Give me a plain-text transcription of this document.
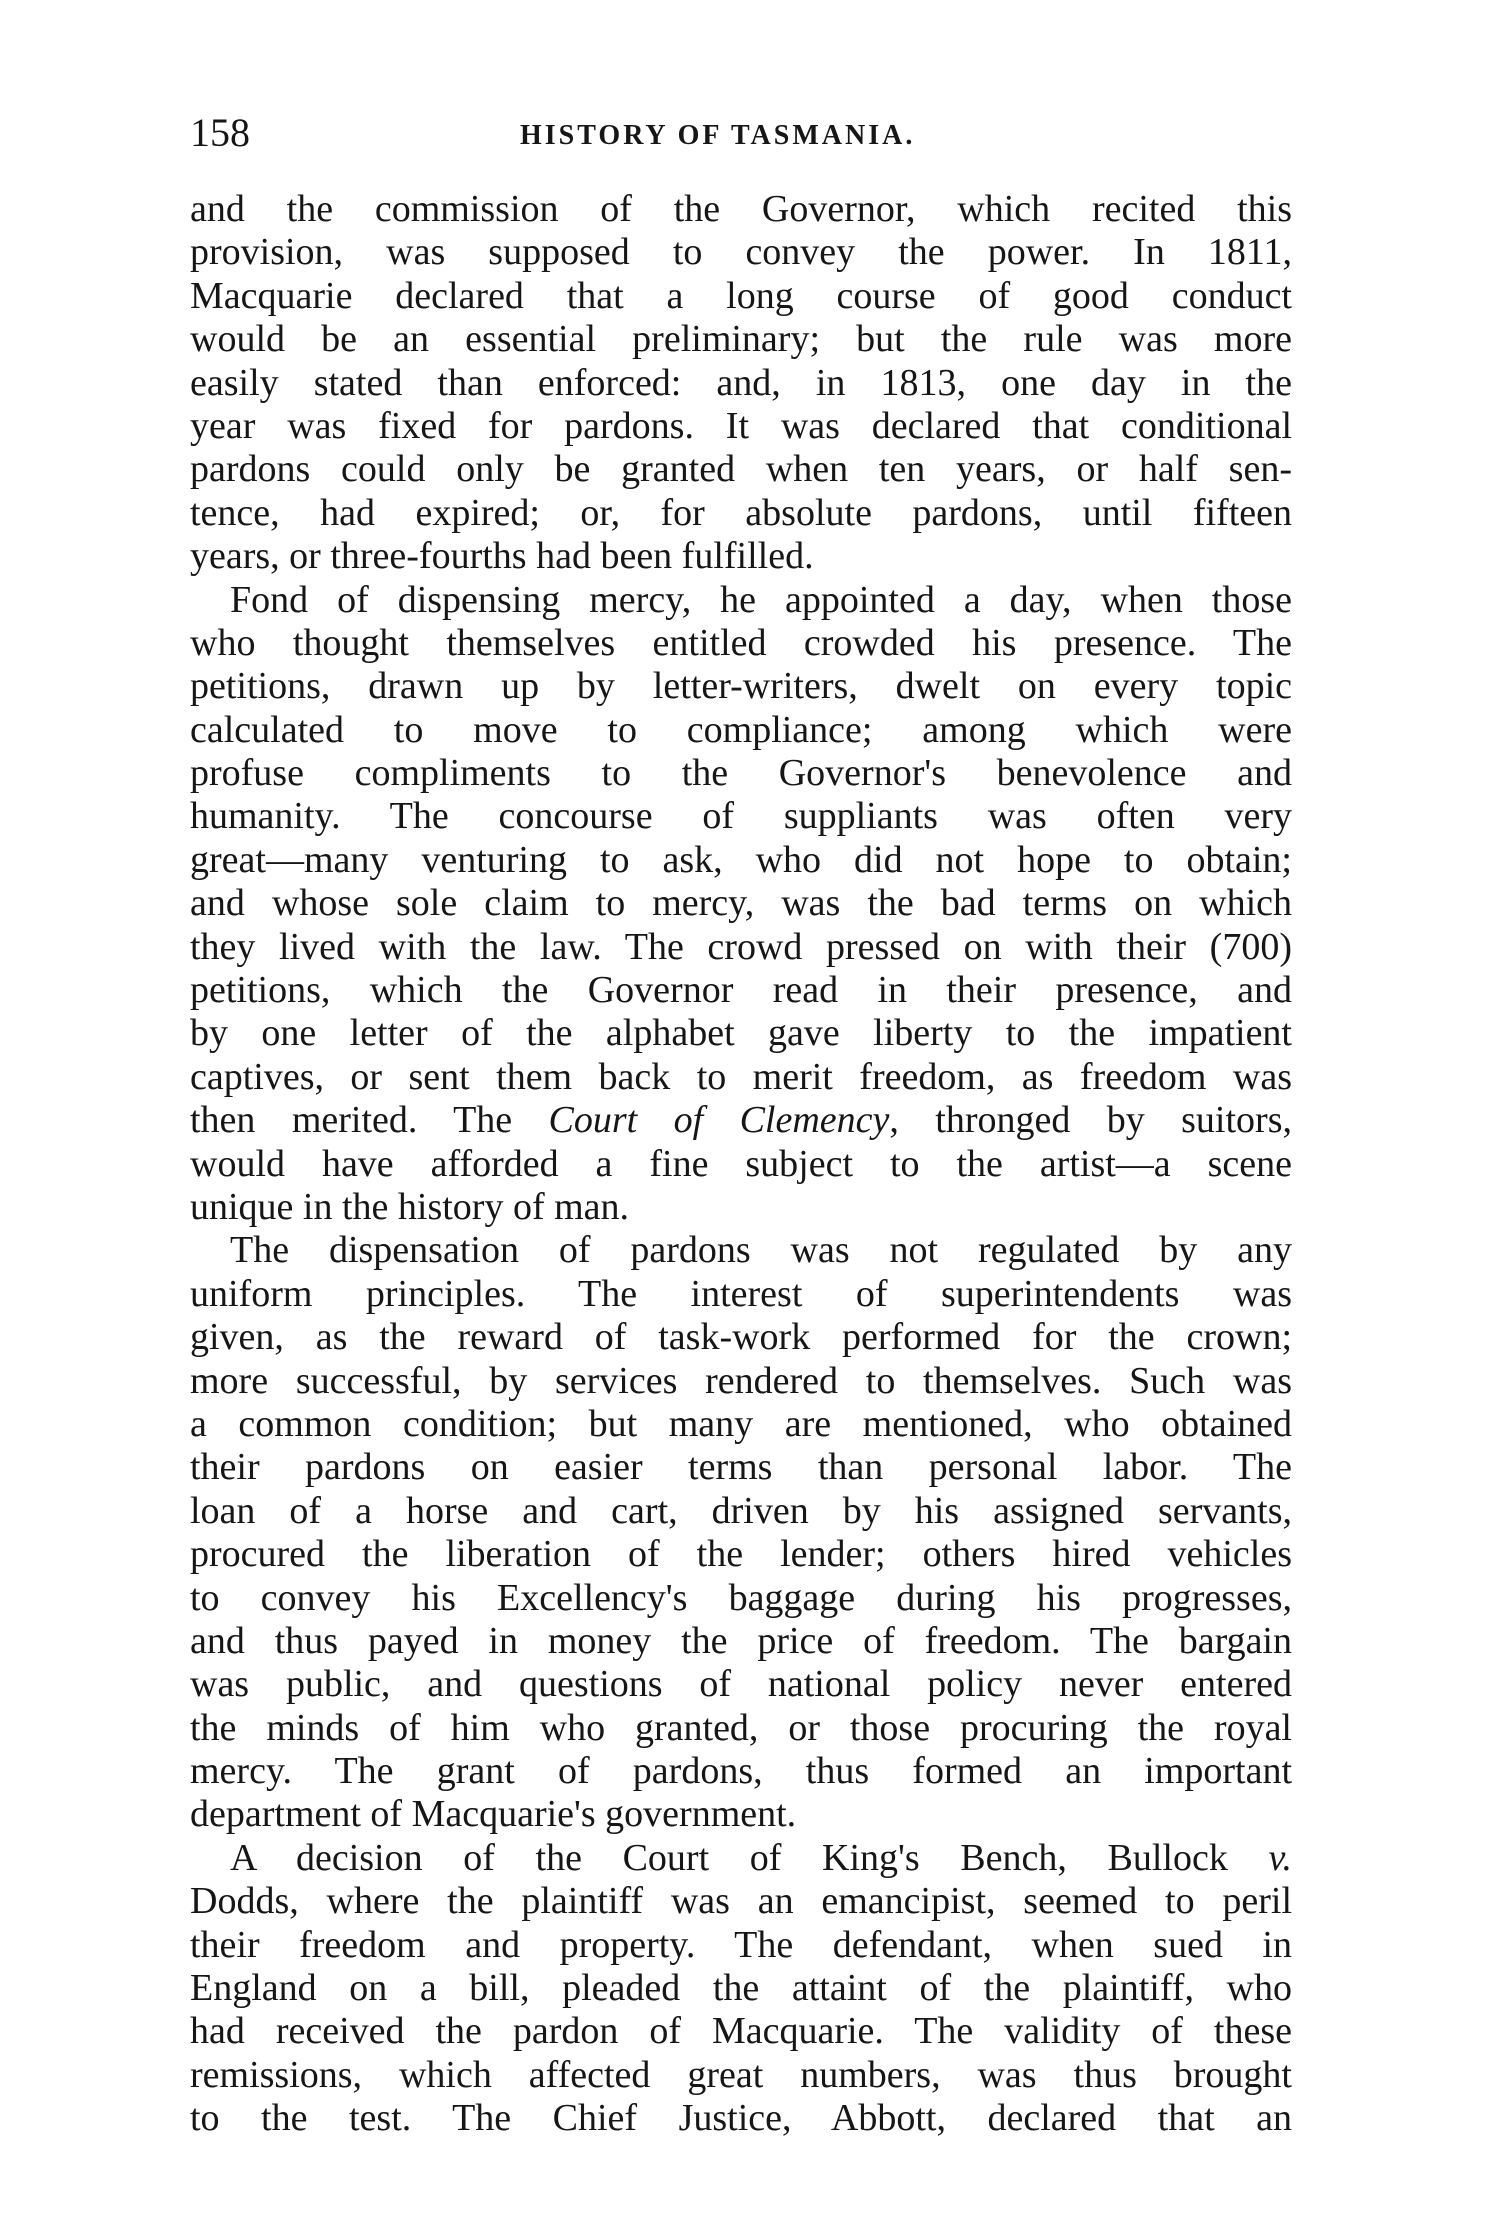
158	HISTORY OF TASMANIA.
and the commission of the Governor, which recited this
provision, was supposed to convey the power. In 1811,
Macquarie declared that a long course of good conduct
would be an essential preliminary; but the rule was more
easily stated than enforced: and, in 1813, one day in the
year was fixed for pardons. It was declared that conditional
pardons could only be granted when ten years, or half sen-
tence, had expired; or, for absolute pardons, until fifteen
years, or three-fourths had been fulfilled.
Fond of dispensing mercy, he appointed a day, when those
who thought themselves entitled crowded his presence. The
petitions, drawn up by letter-writers, dwelt on every topic
calculated to move to compliance; among which were
profuse compliments to the Governor's benevolence and
humanity. The concourse of suppliants was often very
great—many venturing to ask, who did not hope to obtain;
and whose sole claim to mercy, was the bad terms on which
they lived with the law. The crowd pressed on with their (700)
petitions, which the Governor read in their presence, and
by one letter of the alphabet gave liberty to the impatient
captives, or sent them back to merit freedom, as freedom was
then merited. The Court of Clemency, thronged by suitors,
would have afforded a fine subject to the artist—a scene
unique in the history of man.
The dispensation of pardons was not regulated by any
uniform principles. The interest of superintendents was
given, as the reward of task-work performed for the crown;
more successful, by services rendered to themselves. Such was
a common condition; but many are mentioned, who obtained
their pardons on easier terms than personal labor. The
loan of a horse and cart, driven by his assigned servants,
procured the liberation of the lender; others hired vehicles
to convey his Excellency's baggage during his progresses,
and thus payed in money the price of freedom. The bargain
was public, and questions of national policy never entered
the minds of him who granted, or those procuring the royal
mercy. The grant of pardons, thus formed an important
department of Macquarie's government.
A decision of the Court of King's Bench, Bullock v.
Dodds, where the plaintiff was an emancipist, seemed to peril
their freedom and property. The defendant, when sued in
England on a bill, pleaded the attaint of the plaintiff, who
had received the pardon of Macquarie. The validity of these
remissions, which affected great numbers, was thus brought
to the test. The Chief Justice, Abbott, declared that an
